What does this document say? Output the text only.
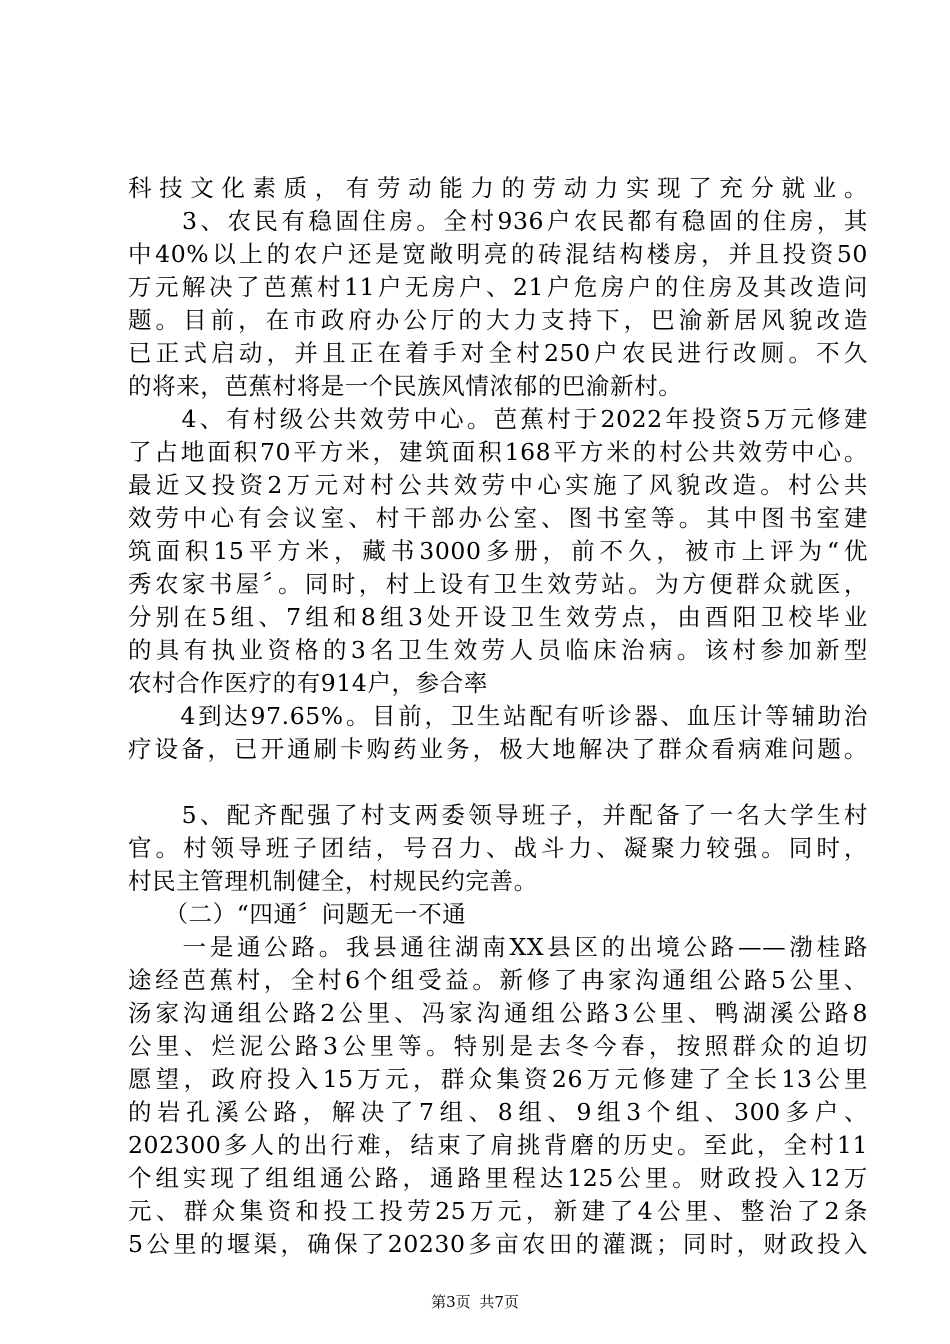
科技文化素质，有劳动能力的劳动力实现了充分就业。
　　3、农民有稳固住房。全村936户农民都有稳固的住房，其
中40%以上的农户还是宽敞明亮的砖混结构楼房，并且投资50
万元解决了芭蕉村11户无房户、21户危房户的住房及其改造问
题。目前，在市政府办公厅的大力支持下，巴渝新居风貌改造
已正式启动，并且正在着手对全村250户农民进行改厕。不久
的将来，芭蕉村将是一个民族风情浓郁的巴渝新村。
　　4、有村级公共效劳中心。芭蕉村于2022年投资5万元修建
了占地面积70平方米，建筑面积168平方米的村公共效劳中心。
最近又投资2万元对村公共效劳中心实施了风貌改造。村公共
效劳中心有会议室、村干部办公室、图书室等。其中图书室建
筑面积15平方米，藏书3000多册，前不久，被市上评为“优
秀农家书屋〞。同时，村上设有卫生效劳站。为方便群众就医，
分别在5组、7组和8组3处开设卫生效劳点，由酉阳卫校毕业
的具有执业资格的3名卫生效劳人员临床治病。该村参加新型
农村合作医疗的有914户，参合率
　　4到达97.65%。目前，卫生站配有听诊器、血压计等辅助治
疗设备，已开通刷卡购药业务，极大地解决了群众看病难问题。
　　5、配齐配强了村支两委领导班子，并配备了一名大学生村
官。村领导班子团结，号召力、战斗力、凝聚力较强。同时，
村民主管理机制健全，村规民约完善。
　　（二）“四通〞问题无一不通
　　一是通公路。我县通往湖南XX县区的出境公路——渤桂路
途经芭蕉村，全村6个组受益。新修了冉家沟通组公路5公里、
汤家沟通组公路2公里、冯家沟通组公路3公里、鸭湖溪公路8
公里、烂泥公路3公里等。特别是去冬今春，按照群众的迫切
愿望，政府投入15万元，群众集资26万元修建了全长13公里
的岩孔溪公路，解决了7组、8组、9组3个组、300多户、
202300多人的出行难，结束了肩挑背磨的历史。至此，全村11
个组实现了组组通公路，通路里程达125公里。财政投入12万
元、群众集资和投工投劳25万元，新建了4公里、整治了2条
5公里的堰渠，确保了20230多亩农田的灌溉；同时，财政投入
第3页 共7页
